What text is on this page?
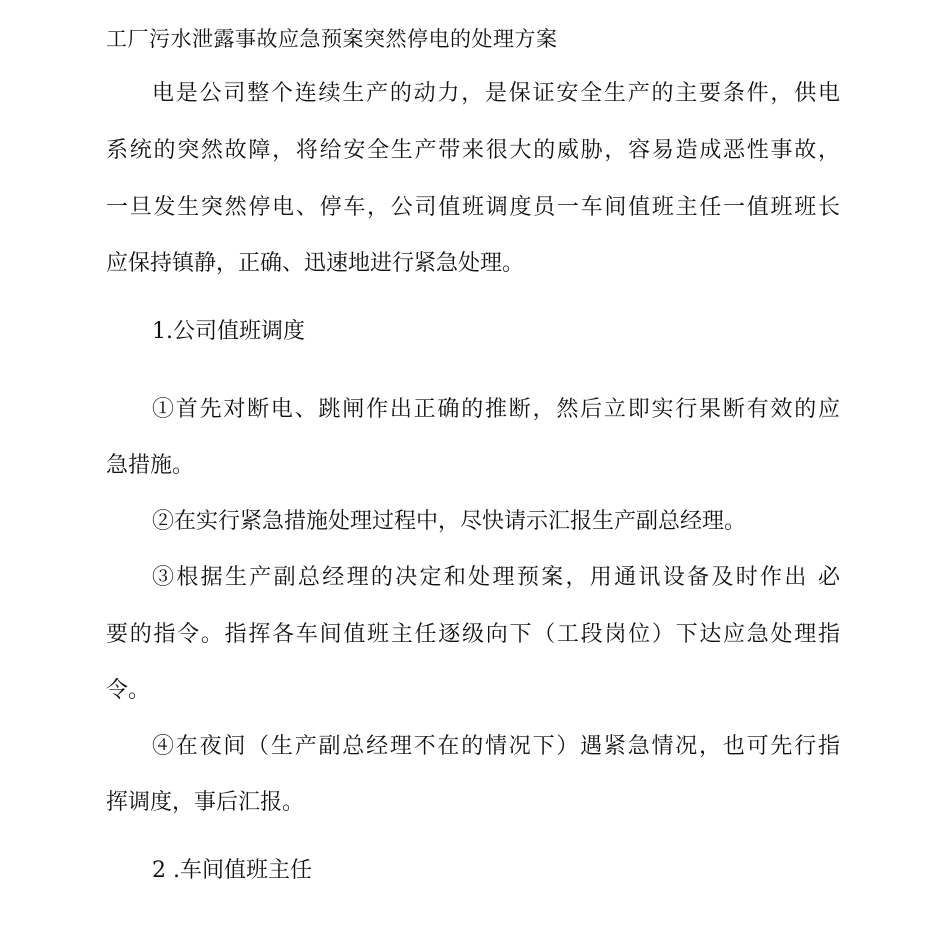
工厂污水泄露事故应急预案突然停电的处理方案
电是公司整个连续生产的动力，是保证安全生产的主要条件，供电
系统的突然故障，将给安全生产带来很大的威胁，容易造成恶性事故，
一旦发生突然停电、停车，公司值班调度员一车间值班主任一值班班长
应保持镇静，正确、迅速地进行紧急处理。
1.公司值班调度
①首先对断电、跳闸作出正确的推断，然后立即实行果断有效的应
急措施。
②在实行紧急措施处理过程中，尽快请示汇报生产副总经理。
③根据生产副总经理的决定和处理预案，用通讯设备及时作出 必
要的指令。指挥各车间值班主任逐级向下（工段岗位）下达应急处理指
令。
④在夜间（生产副总经理不在的情况下）遇紧急情况，也可先行指
挥调度，事后汇报。
2 .车间值班主任
